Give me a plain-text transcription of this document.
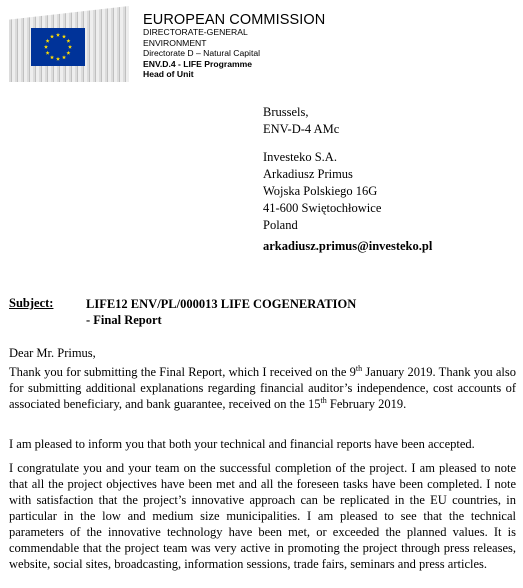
EUROPEAN COMMISSION
DIRECTORATE-GENERAL
ENVIRONMENT
Directorate D – Natural Capital
ENV.D.4 - LIFE Programme
Head of Unit
Brussels,
ENV-D-4 AMc
Investeko S.A.
Arkadiusz Primus
Wojska Polskiego 16G
41-600 Swiętochłowice
Poland
arkadiusz.primus@investeko.pl
Subject:	LIFE12 ENV/PL/000013 LIFE COGENERATION
- Final Report
Dear Mr. Primus,
Thank you for submitting the Final Report, which I received on the 9th January 2019. Thank you also for submitting additional explanations regarding financial auditor’s independence, cost accounts of associated beneficiary, and bank guarantee, received on the 15th February 2019.
I am pleased to inform you that both your technical and financial reports have been accepted.
I congratulate you and your team on the successful completion of the project. I am pleased to note that all the project objectives have been met and all the foreseen tasks have been completed. I note with satisfaction that the project’s innovative approach can be replicated in the EU countries, in particular in the low and medium size municipalities. I am pleased to see that the technical parameters of the innovative technology have been met, or exceeded the planned values. It is commendable that the project team was very active in promoting the project through press releases, website, social sites, broadcasting, information sessions, trade fairs, seminars and press articles.
